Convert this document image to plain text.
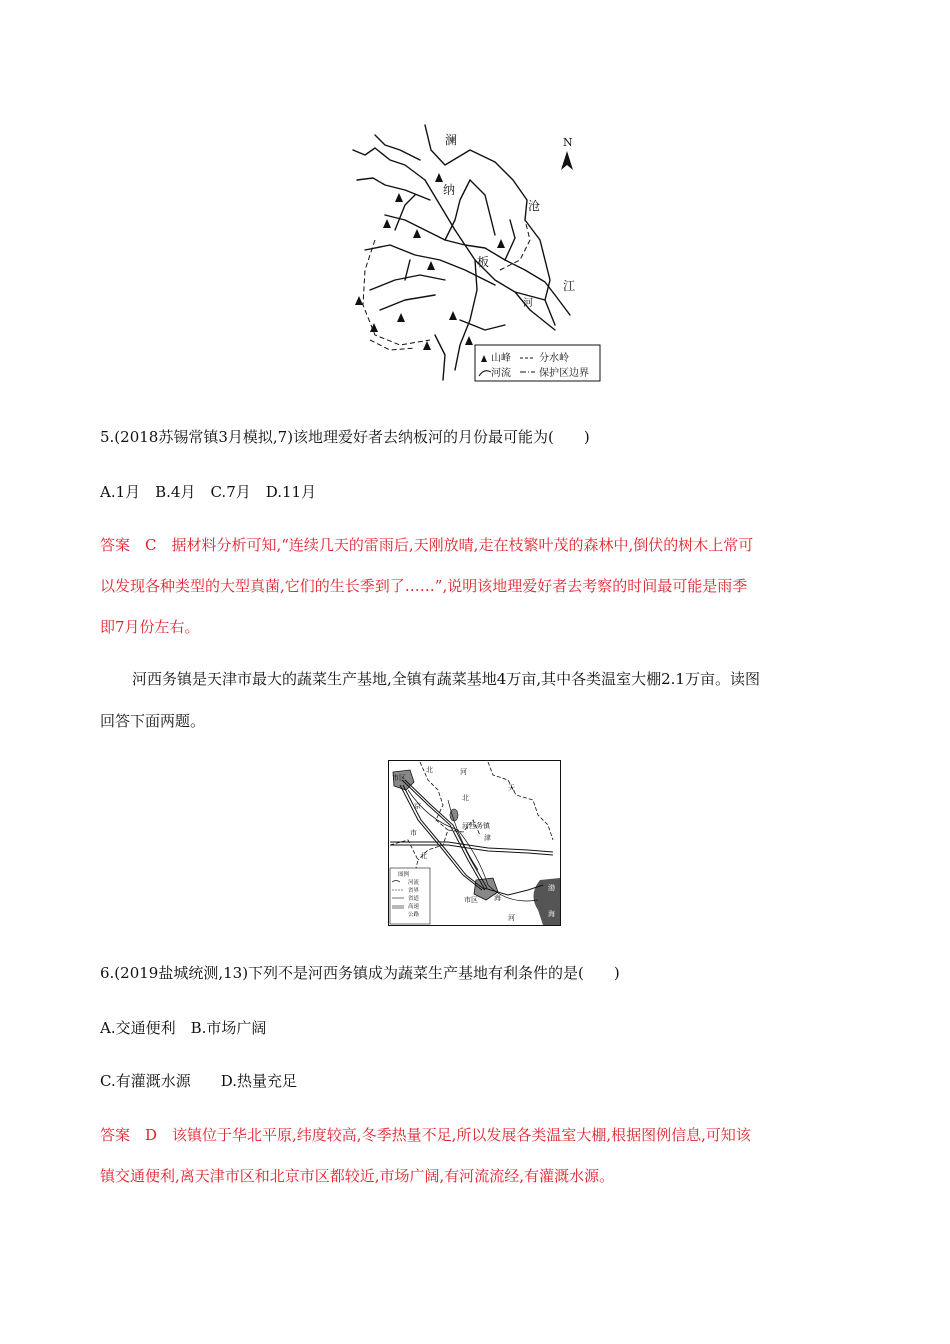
澜
沧
江
纳
板
河
N
山峰	分水岭
河流	保护区边界
5.(2018苏锡常镇3月模拟,7)该地理爱好者去纳板河的月份最可能为(　　)
A.1月　B.4月　C.7月　D.11月
答案　C　据材料分析可知,“连续几天的雷雨后,天刚放晴,走在枝繁叶茂的森林中,倒伏的树木上常可
以发现各种类型的大型真菌,它们的生长季到了……”,说明该地理爱好者去考察的时间最可能是雨季
即7月份左右。
河西务镇是天津市最大的蔬菜生产基地,全镇有蔬菜基地4万亩,其中各类温室大棚2.1万亩。读图
回答下面两题。
市区
北
京
河
北
天
河西务镇
北
津
市
市区 海
河
渤
海
图例
河流
省界
省道
高速
公路
6.(2019盐城统测,13)下列不是河西务镇成为蔬菜生产基地有利条件的是(　　)
A.交通便利　B.市场广阔
C.有灌溉水源　　D.热量充足
答案　D　该镇位于华北平原,纬度较高,冬季热量不足,所以发展各类温室大棚,根据图例信息,可知该
镇交通便利,离天津市区和北京市区都较近,市场广阔,有河流流经,有灌溉水源。
